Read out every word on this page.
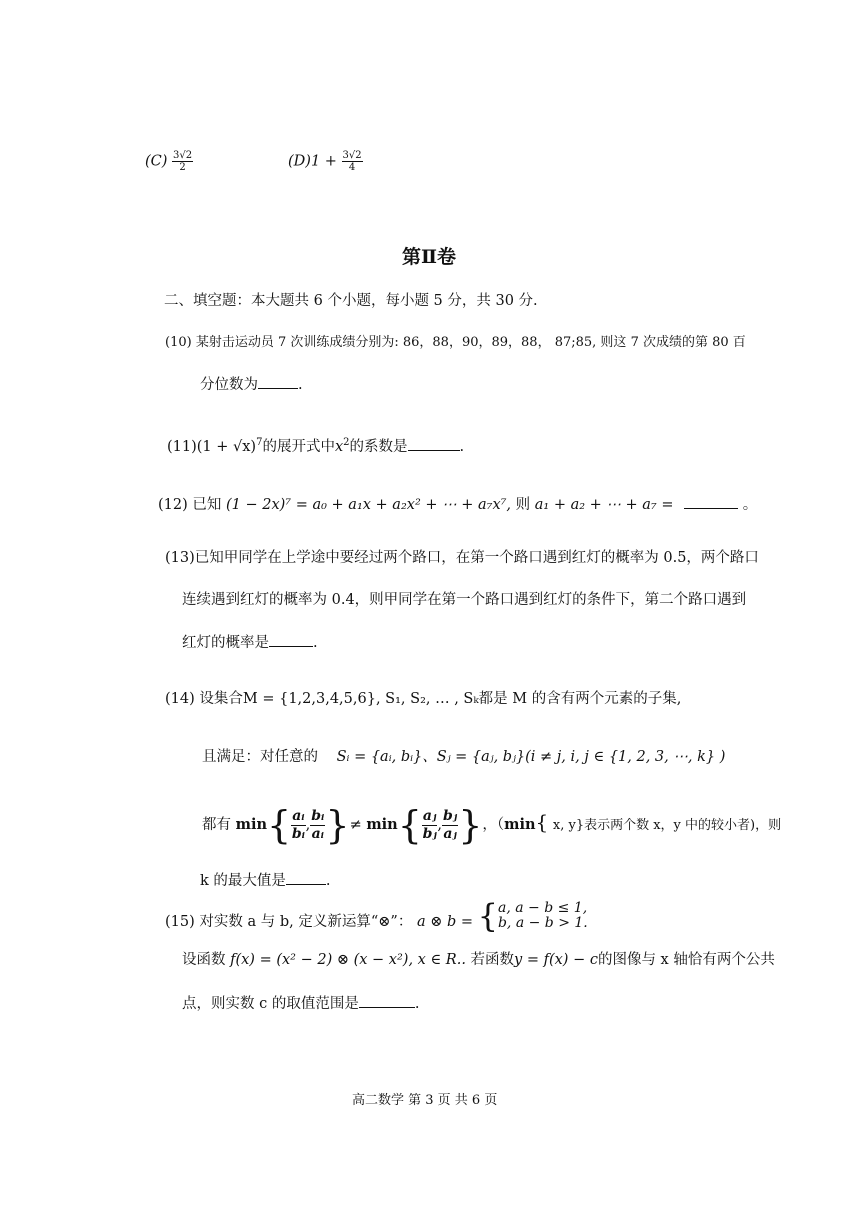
$(C) \frac{3√2}{2}$	$(D)1 + \frac{3√2}{4}$
第Ⅱ卷
二、填空题：本大题共 6 个小题，每小题 5 分，共 30 分.
(10) 某射击运动员 7 次训练成绩分别为: 86，88，90，89，88， 87;85, 则这 7 次成绩的第 80 百
分位数为	.
$(11)(1 + √x)^7$的展开式中$x^2$的系数是	.
(12) 已知 (1 − 2x)⁷ = a₀ + a₁x + a₂x² + ⋯ + a₇x⁷, 则 a₁ + a₂ + ⋯ + a₇ =	。
(13)已知甲同学在上学途中要经过两个路口，在第一个路口遇到红灯的概率为 0.5，两个路口
连续遇到红灯的概率为 0.4，则甲同学在第一个路口遇到红灯的条件下，第二个路口遇到
红灯的概率是	.
(14) 设集合M = {1,2,3,4,5,6}, S₁, S₂, … , Sₖ都是 M 的含有两个元素的子集,
且满足：对任意的 Sᵢ = {aᵢ, bᵢ}、Sⱼ = {aⱼ, bⱼ}(i ≠ j, i, j ∈ {1, 2, 3, ⋯, k} )
都有 $\min\{ \frac{\text{aᵢ}}{\text{bᵢ}}$, $\frac{\text{bᵢ}}{\text{aᵢ}}\}\ne \min\{ \frac{\text{aⱼ}}{\text{bⱼ}}$, $\frac{\text{bⱼ}}{\text{aⱼ}}$}，（min{ x, y}表示两个数 x，y 中的较小者)，则
k 的最大值是	.
(15) 对实数 a 与 b, 定义新运算“⊗”： a ⊗ b = { a, a − b ≤ 1,
b, a − b > 1.
设函数 f(x) = (x² − 2) ⊗ (x − x²), x ∈ R.. 若函数y = f(x) − c的图像与 x 轴恰有两个公共
点，则实数 c 的取值范围是	.
高二数学 第 3 页 共 6 页
